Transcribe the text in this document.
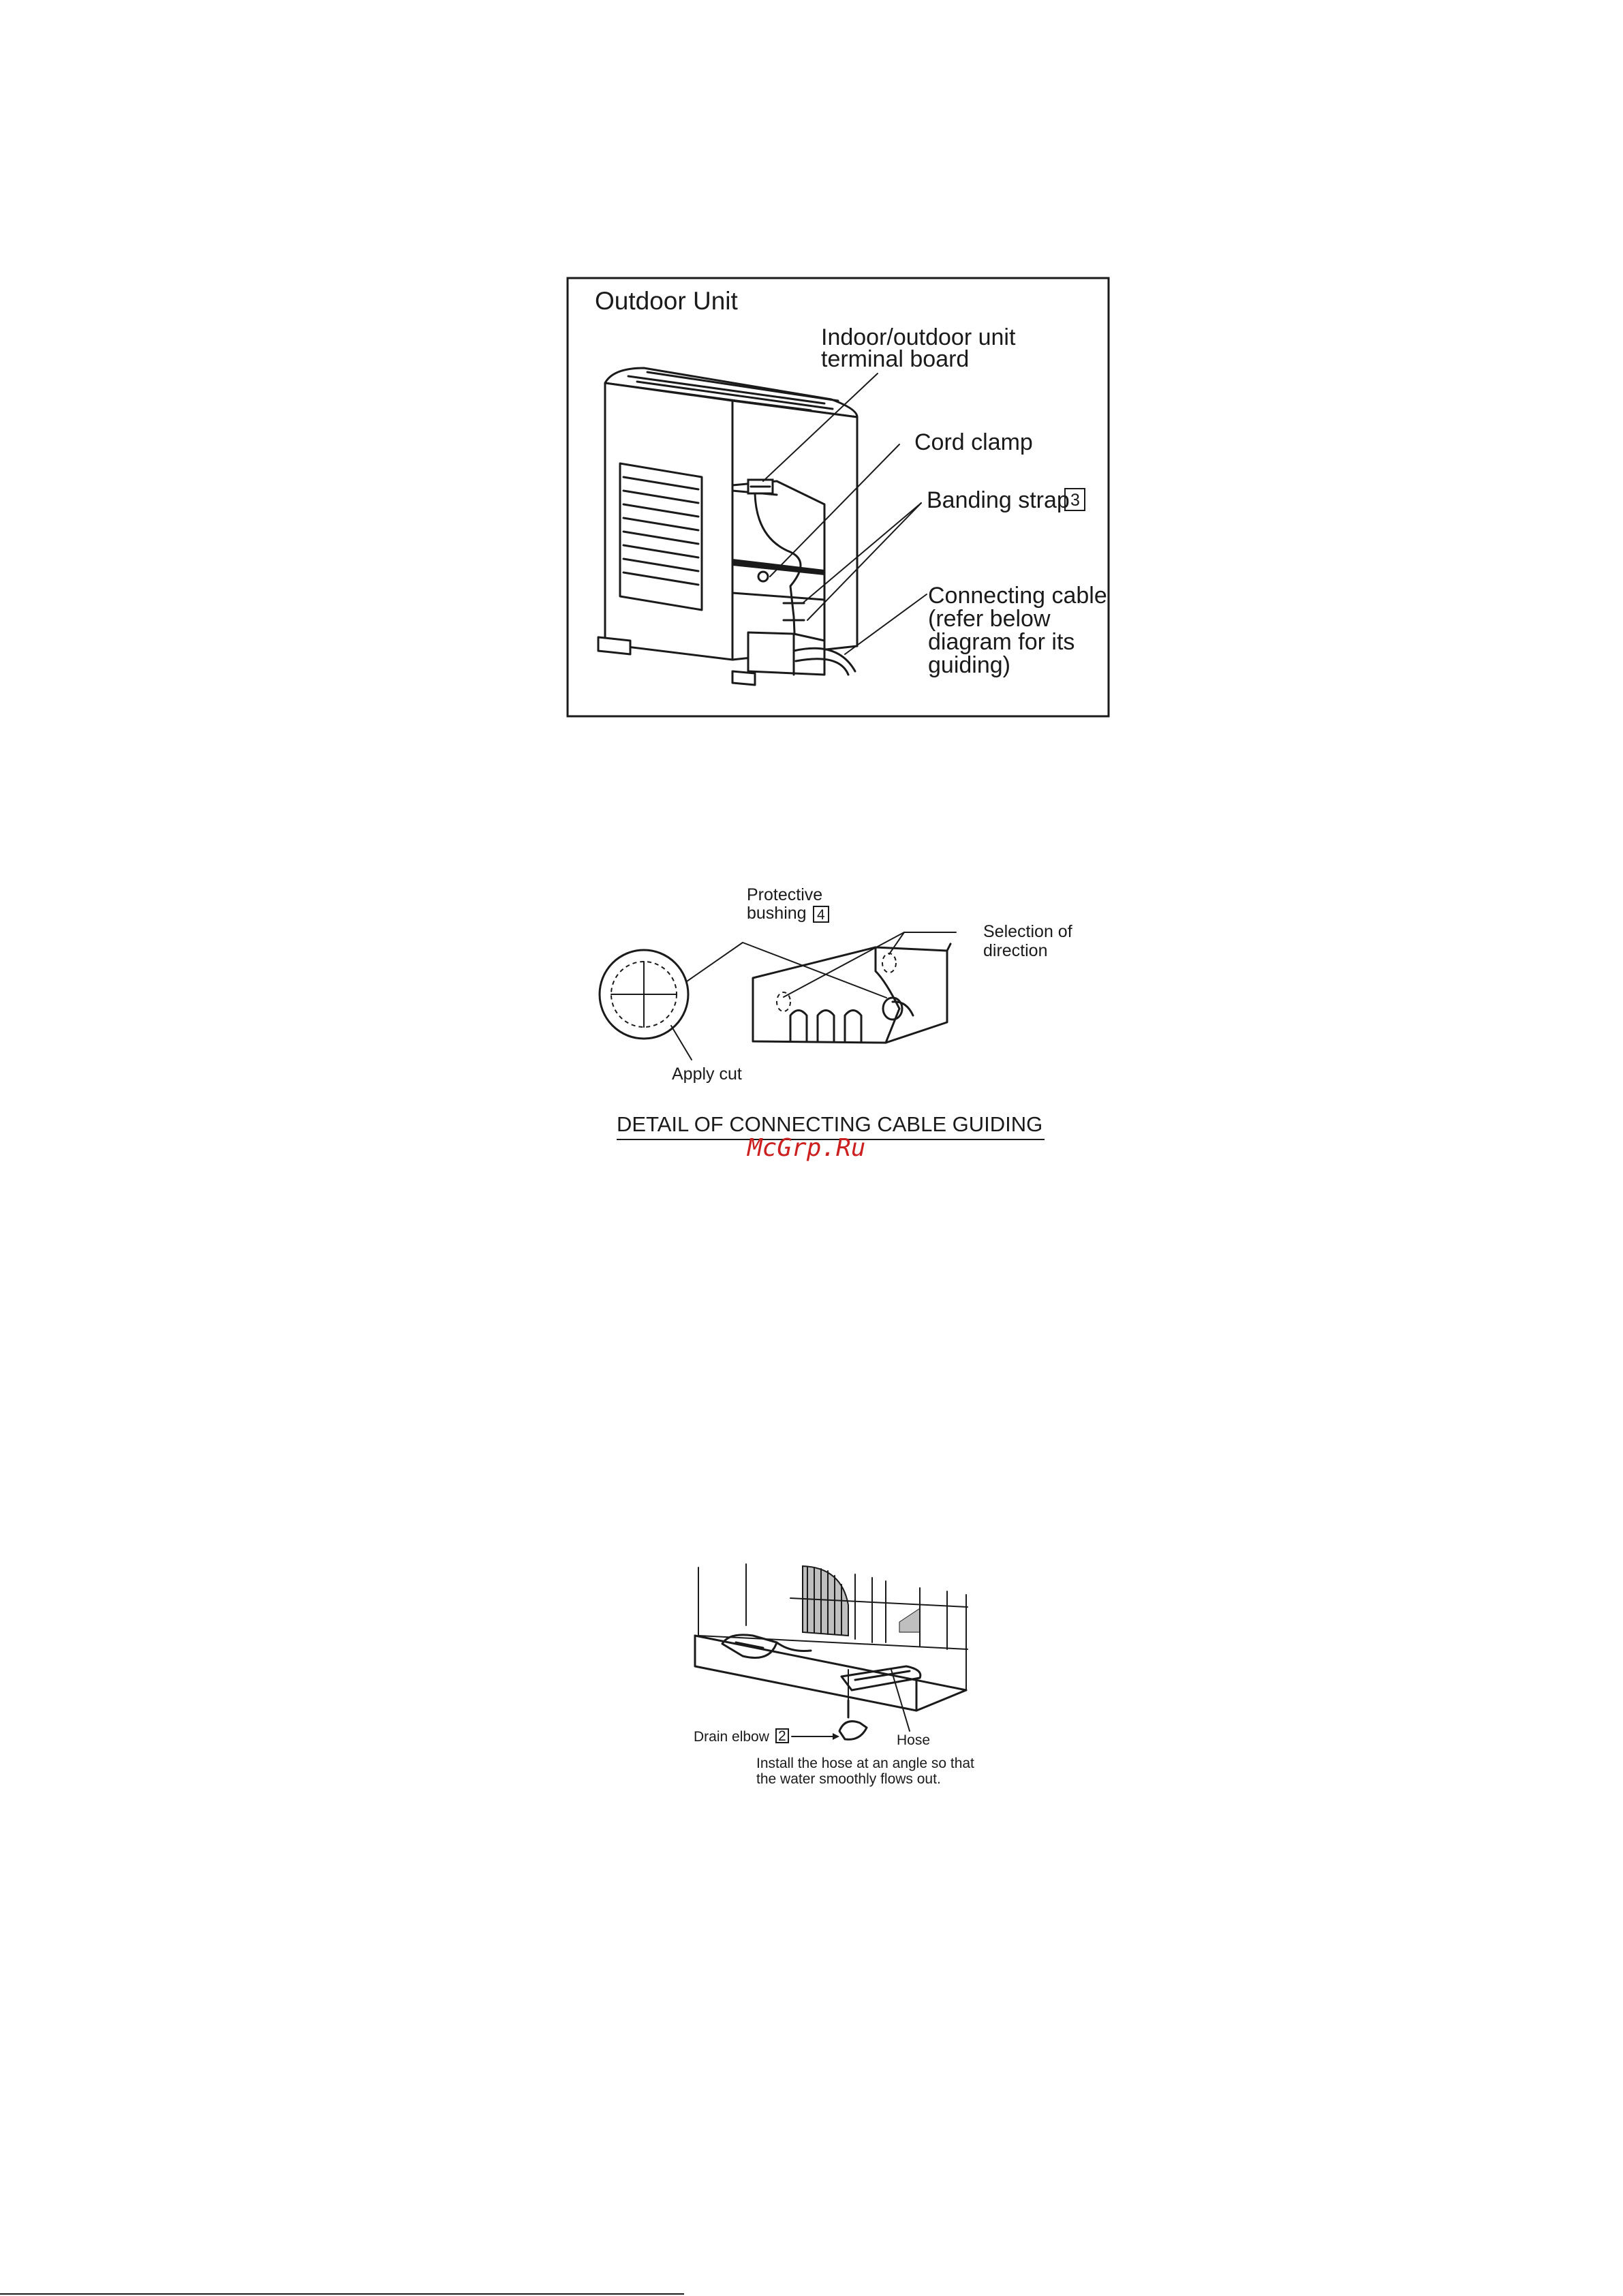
Outdoor Unit
Indoor/outdoor unit
terminal board
Cord clamp
Banding strap 3
Connecting cable
(refer below
diagram for its
guiding)
Protective
bushing 4
Selection of
direction
Apply cut
DETAIL OF CONNECTING CABLE GUIDING
McGrp.Ru
Drain elbow 2	Hose
Install the hose at an angle so that
the water smoothly flows out.
